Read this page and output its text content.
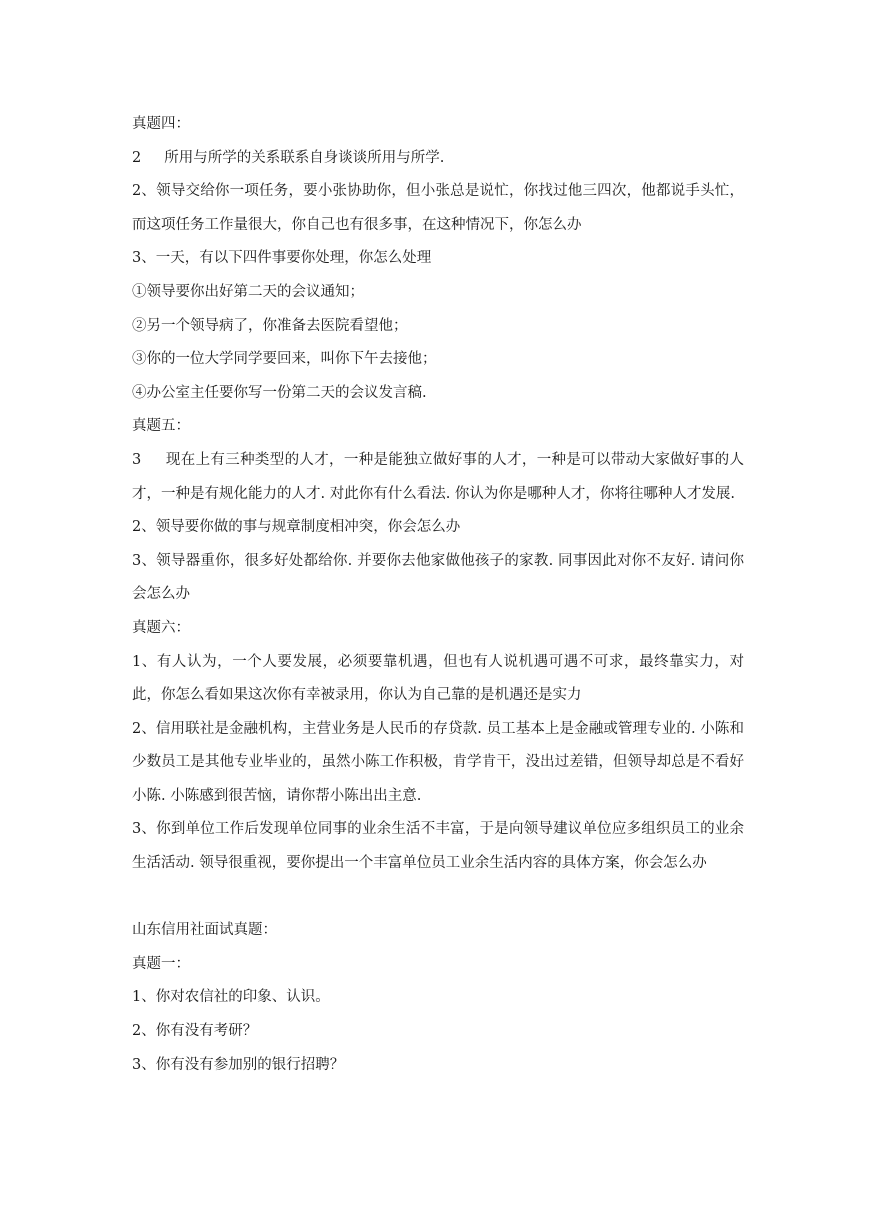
真题四：

2     所用与所学的关系联系自身谈谈所用与所学.

2、领导交给你一项任务，要小张协助你，但小张总是说忙，你找过他三四次，他都说手头忙，而这项任务工作量很大，你自己也有很多事，在这种情况下，你怎么办

3、一天，有以下四件事要你处理，你怎么处理

①领导要你出好第二天的会议通知；

②另一个领导病了，你准备去医院看望他；

③你的一位大学同学要回来，叫你下午去接他；

④办公室主任要你写一份第二天的会议发言稿.

真题五：

3     现在上有三种类型的人才，一种是能独立做好事的人才，一种是可以带动大家做好事的人才，一种是有规化能力的人才. 对此你有什么看法. 你认为你是哪种人才，你将往哪种人才发展.

2、领导要你做的事与规章制度相冲突，你会怎么办

3、领导器重你，很多好处都给你. 并要你去他家做他孩子的家教. 同事因此对你不友好. 请问你会怎么办

真题六：

1、有人认为，一个人要发展，必须要靠机遇，但也有人说机遇可遇不可求，最终靠实力，对此，你怎么看如果这次你有幸被录用，你认为自己靠的是机遇还是实力

2、信用联社是金融机构，主营业务是人民币的存贷款. 员工基本上是金融或管理专业的. 小陈和少数员工是其他专业毕业的，虽然小陈工作积极，肯学肯干，没出过差错，但领导却总是不看好小陈. 小陈感到很苦恼，请你帮小陈出出主意.

3、你到单位工作后发现单位同事的业余生活不丰富，于是向领导建议单位应多组织员工的业余生活活动. 领导很重视，要你提出一个丰富单位员工业余生活内容的具体方案，你会怎么办

山东信用社面试真题：

真题一：

1、你对农信社的印象、认识。

2、你有没有考研？

3、你有没有参加别的银行招聘？
